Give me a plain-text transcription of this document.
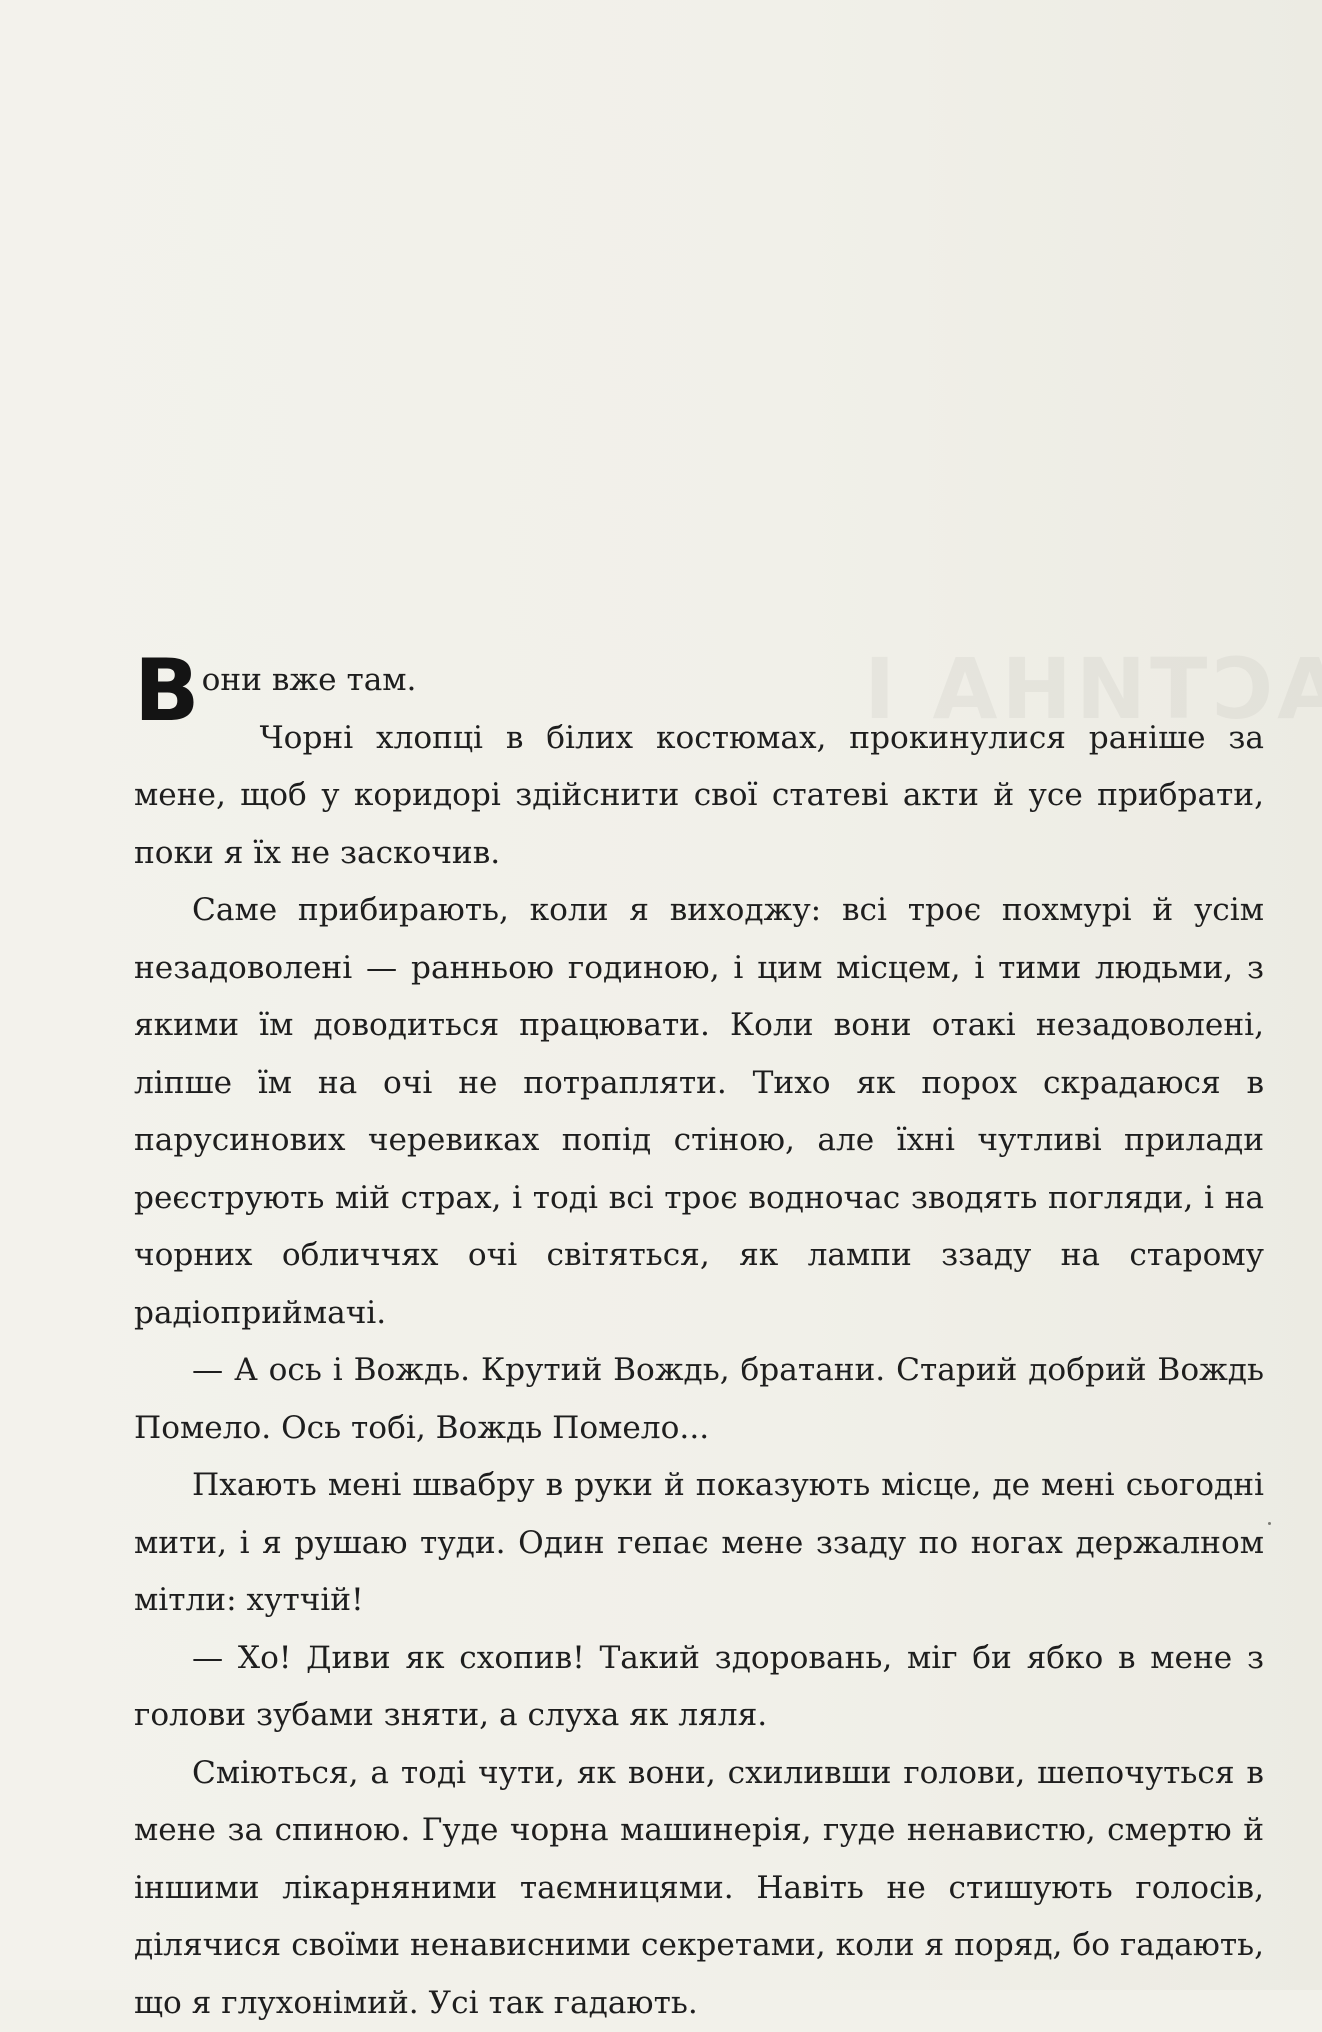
Вони вже там.

Чорні хлопці в білих костюмах, прокинулися раніше за мене, щоб у коридорі здійснити свої статеві акти й усе прибрати, поки я їх не заскочив.

Саме прибирають, коли я виходжу: всі троє похмурі й усім незадоволені — ранньою годиною, і цим місцем, і тими людьми, з якими їм доводиться працювати. Коли вони отакі незадоволені, ліпше їм на очі не потрапляти. Тихо як порох скрадаюся в парусинових черевиках попід стіною, але їхні чутливі прилади реєструють мій страх, і тоді всі троє водночас зводять погляди, і на чорних обличчях очі світяться, як лампи ззаду на старому радіоприймачі.

— А ось і Вождь. Крутий Вождь, братани. Старий добрий Вождь Помело. Ось тобі, Вождь Помело...

Пхають мені швабру в руки й показують місце, де мені сьогодні мити, і я рушаю туди. Один гепає мене ззаду по ногах держалном мітли: хутчій!

— Хо! Диви як схопив! Такий здоровань, міг би ябко в мене з голови зубами зняти, а слуха як ляля.

Сміються, а тоді чути, як вони, схиливши голови, шепочуться в мене за спиною. Гуде чорна машинерія, гуде ненавистю, смертю й іншими лікарняними таємницями. Навіть не стишують голосів, ділячися своїми ненависними секретами, коли я поряд, бо гадають, що я глухонімий. Усі так гадають.
